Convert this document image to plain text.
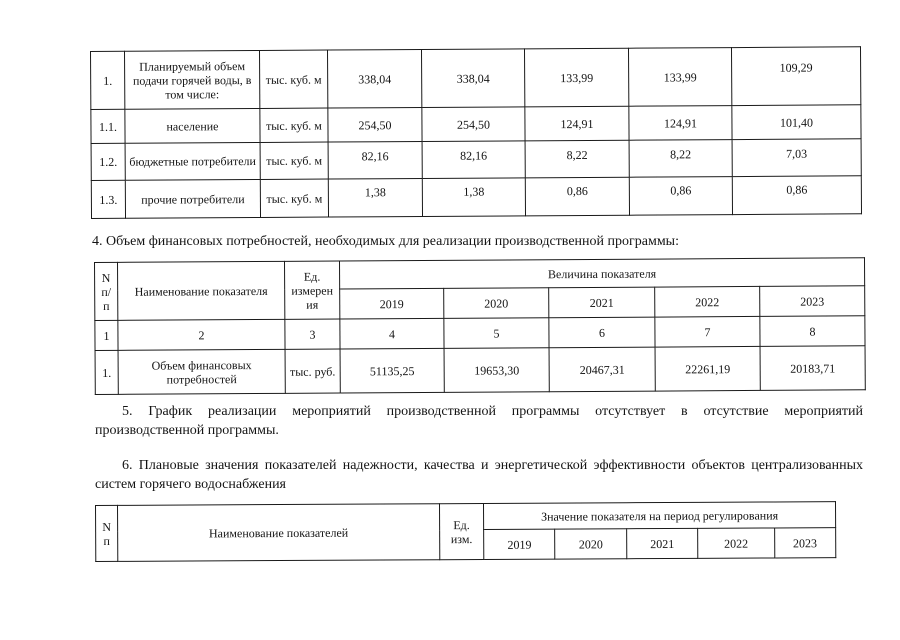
1.	Планируемый объем подачи горячей воды, в том числе:	тыс. куб. м	338,04	338,04	133,99	133,99	109,29
1.1.	население	тыс. куб. м	254,50	254,50	124,91	124,91	101,40
1.2.	бюджетные потребители	тыс. куб. м	82,16	82,16	8,22	8,22	7,03
1.3.	прочие потребители	тыс. куб. м	1,38	1,38	0,86	0,86	0,86

4. Объем финансовых потребностей, необходимых для реализации производственной программы:

N п/ п	Наименование показателя	Ед. измерен ия	Величина показателя				
			2019	2020	2021	2022	2023
1	2	3	4	5	6	7	8
1.	Объем финансовых потребностей	тыс. руб.	51135,25	19653,30	20467,31	22261,19	20183,71

5. График реализации мероприятий производственной программы отсутствует в отсутствие мероприятий производственной программы.

6. Плановые значения показателей надежности, качества и энергетической эффективности объектов централизованных систем горячего водоснабжения

N п	Наименование показателей	Ед. изм.	Значение показателя на период регулирования				
			2019	2020	2021	2022	2023
